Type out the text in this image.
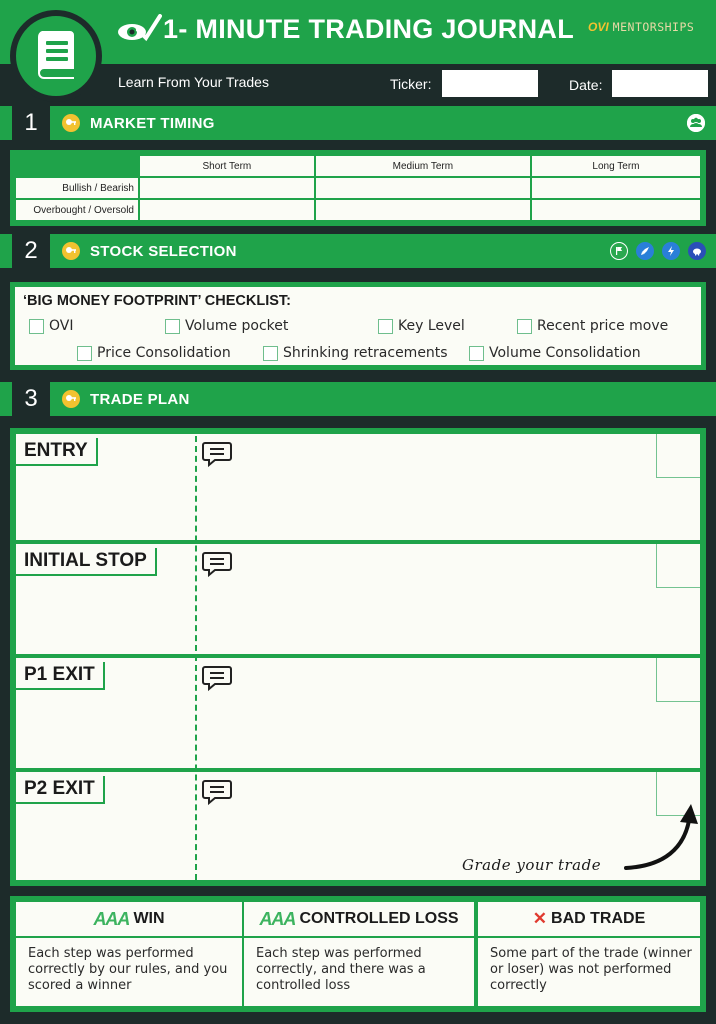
1- MINUTE TRADING JOURNAL OVI MENTORSHIPS
Learn From Your Trades	Ticker:	Date:
1	MARKET TIMING
	Short Term	Medium Term	Long Term
Bullish / Bearish			
Overbought / Oversold			
2	STOCK SELECTION
‘BIG MONEY FOOTPRINT’ CHECKLIST:
OVI	Volume pocket	Key Level	Recent price move
Price Consolidation	Shrinking retracements	Volume Consolidation
3	TRADE PLAN
ENTRY
INITIAL STOP
P1 EXIT
P2 EXIT
Grade your trade
AAA WIN
Each step was performed correctly by our rules, and you scored a winner
AAA CONTROLLED LOSS
Each step was performed correctly, and there was a controlled loss
✕ BAD TRADE
Some part of the trade (winner or loser) was not performed correctly
